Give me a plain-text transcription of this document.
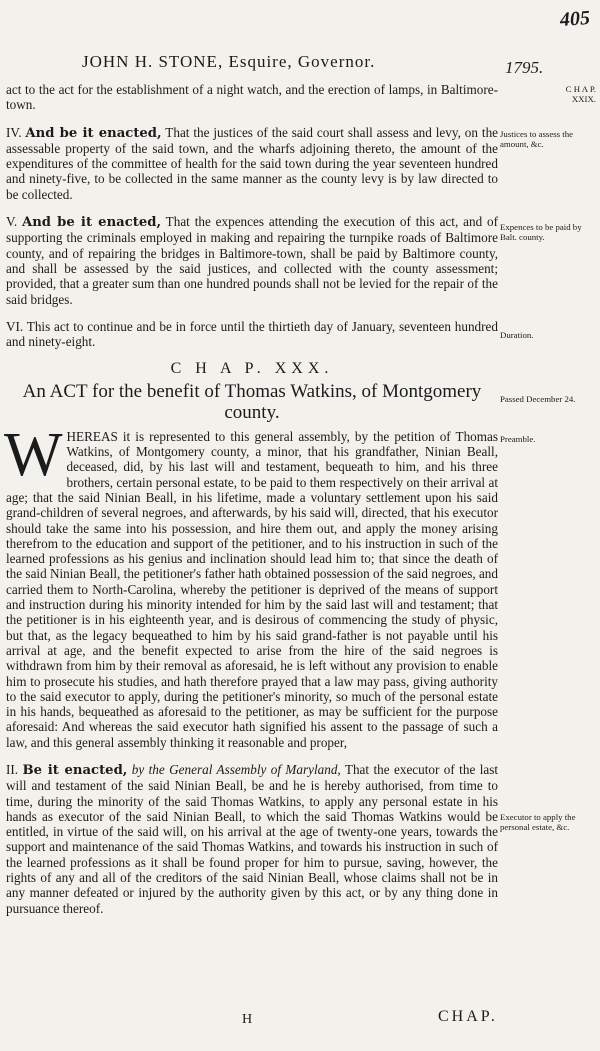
405
JOHN H. STONE, Esquire, Governor.	1795.

act to the act for the establishment of a night watch, and the erection of lamps, in Baltimore-town.

IV. And be it enacted, That the justices of the said court shall assess and levy, on the assessable property of the said town, and the wharfs adjoining thereto, the amount of the expenditures of the committee of health for the said town during the year seventeen hundred and ninety-five, to be collected in the same manner as the county levy is by law directed to be collected.

V. And be it enacted, That the expences attending the execution of this act, and of supporting the criminals employed in making and repairing the turnpike roads of Baltimore county, and of repairing the bridges in Baltimore-town, shall be paid by Baltimore county, and shall be assessed by the said justices, and collected with the county assessment; provided, that a greater sum than one hundred pounds shall not be levied for the repair of the said bridges.

VI. This act to continue and be in force until the thirtieth day of January, seventeen hundred and ninety-eight.

C H A P. XXX.
An ACT for the benefit of Thomas Watkins, of Montgomery county.

WHEREAS it is represented to this general assembly, by the petition of Thomas Watkins, of Montgomery county, a minor, that his grandfather, Ninian Beall, deceased, did, by his last will and testament, bequeath to him, and his three brothers, certain personal estate, to be paid to them respectively on their arrival at age; that the said Ninian Beall, in his lifetime, made a voluntary settlement upon his said grand-children of several negroes, and afterwards, by his said will, directed, that his executor should take the same into his possession, and hire them out, and apply the money arising therefrom to the education and support of the petitioner, and to his instruction in such of the learned professions as his genius and inclination should lead him to; that since the death of the said Ninian Beall, the petitioner's father hath obtained possession of the said negroes, and carried them to North-Carolina, whereby the petitioner is deprived of the means of support and instruction during his minority intended for him by the said last will and testament; that the petitioner is in his eighteenth year, and is desirous of commencing the study of physic, but that, as the legacy bequeathed to him by his said grand-father is not payable until his arrival at age, and the benefit expected to arise from the hire of the said negroes is withdrawn from him by their removal as aforesaid, he is left without any provision to enable him to prosecute his studies, and hath therefore prayed that a law may pass, giving authority to the said executor to apply, during the petitioner's minority, so much of the personal estate in his hands, bequeathed as aforesaid to the petitioner, as may be sufficient for the purpose aforesaid: And whereas the said executor hath signified his assent to the passage of such a law, and this general assembly thinking it reasonable and proper,

II. Be it enacted, by the General Assembly of Maryland, That the executor of the last will and testament of the said Ninian Beall, be and he is hereby authorised, from time to time, during the minority of the said Thomas Watkins, to apply any personal estate in his hands as executor of the said Ninian Beall, to which the said Thomas Watkins would be entitled, in virtue of the said will, on his arrival at the age of twenty-one years, towards the support and maintenance of the said Thomas Watkins, and towards his instruction in such of the learned professions as it shall be found proper for him to pursue, saving, however, the rights of any and all of the creditors of the said Ninian Beall, whose claims shall not be in any manner defeated or injured by the authority given by this act, or by any thing done in pursuance thereof.

C H A P.
XXIX.
Justices to assess the amount, &c.
Expences to be paid by Balt. county.
Duration.
Passed December 24.
Preamble.
Executor to apply the personal estate, &c.
H	CHAP.
